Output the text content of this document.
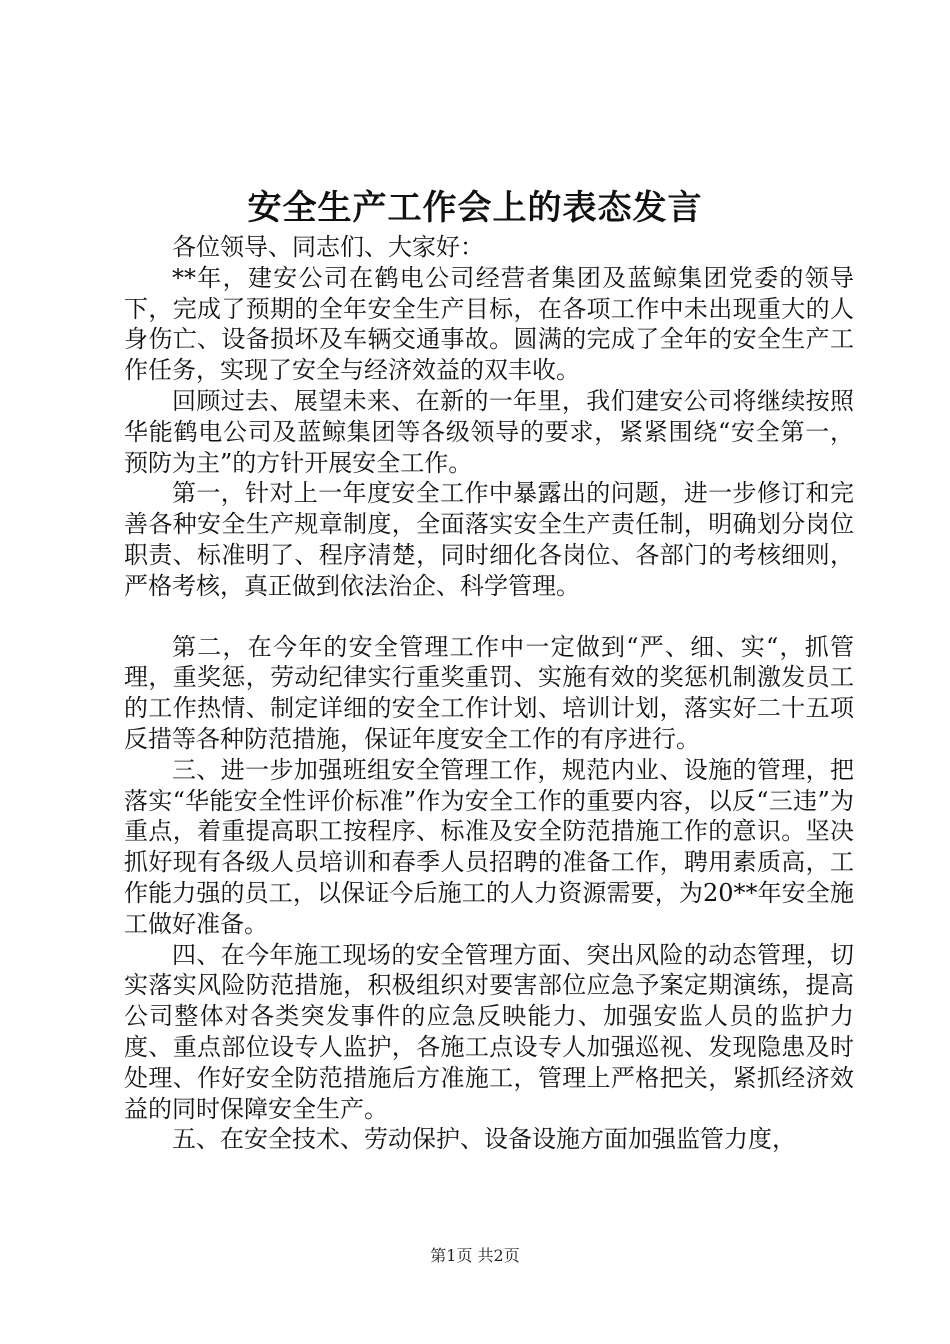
安全生产工作会上的表态发言

各位领导、同志们、大家好：

**年，建安公司在鹤电公司经营者集团及蓝鲸集团党委的领导下，完成了预期的全年安全生产目标，在各项工作中未出现重大的人身伤亡、设备损坏及车辆交通事故。圆满的完成了全年的安全生产工作任务，实现了安全与经济效益的双丰收。

回顾过去、展望未来、在新的一年里，我们建安公司将继续按照华能鹤电公司及蓝鲸集团等各级领导的要求，紧紧围绕“安全第一，预防为主”的方针开展安全工作。

第一，针对上一年度安全工作中暴露出的问题，进一步修订和完善各种安全生产规章制度，全面落实安全生产责任制，明确划分岗位职责、标准明了、程序清楚，同时细化各岗位、各部门的考核细则，严格考核，真正做到依法治企、科学管理。

第二，在今年的安全管理工作中一定做到“严、细、实“，抓管理，重奖惩，劳动纪律实行重奖重罚、实施有效的奖惩机制激发员工的工作热情、制定详细的安全工作计划、培训计划，落实好二十五项反措等各种防范措施，保证年度安全工作的有序进行。

三、进一步加强班组安全管理工作，规范内业、设施的管理，把落实“华能安全性评价标准”作为安全工作的重要内容，以反“三违”为重点，着重提高职工按程序、标准及安全防范措施工作的意识。坚决抓好现有各级人员培训和春季人员招聘的准备工作，聘用素质高，工作能力强的员工，以保证今后施工的人力资源需要，为20**年安全施工做好准备。

四、在今年施工现场的安全管理方面、突出风险的动态管理，切实落实风险防范措施，积极组织对要害部位应急予案定期演练，提高公司整体对各类突发事件的应急反映能力、加强安监人员的监护力度、重点部位设专人监护，各施工点设专人加强巡视、发现隐患及时处理、作好安全防范措施后方准施工，管理上严格把关，紧抓经济效益的同时保障安全生产。

五、在安全技术、劳动保护、设备设施方面加强监管力度，

第1页 共2页
